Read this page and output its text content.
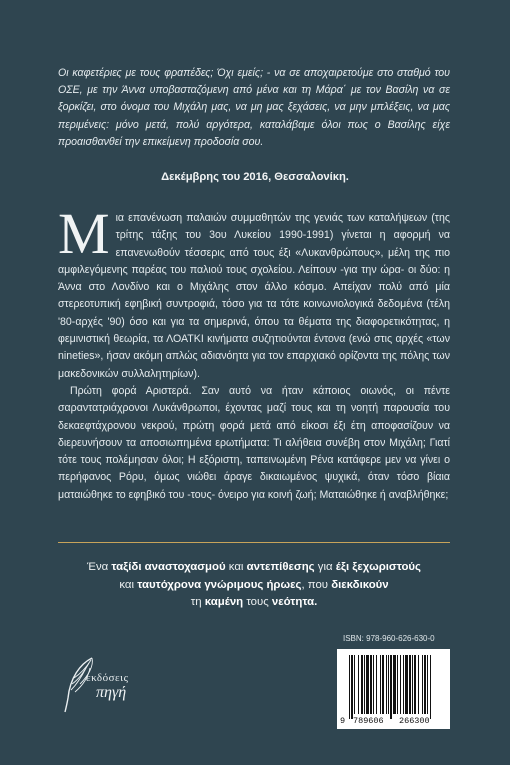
Οι καφετέριες με τους φραπέδες; Όχι εμείς; - να σε αποχαιρετούμε στο σταθμό του ΟΣΕ, με την Άννα υποβασταζόμενη από μένα και τη Μάρα΄ με τον Βασίλη να σε ξορκίζει, στο όνομα του Μιχάλη μας, να μη μας ξεχάσεις, να μην μπλέξεις, να μας περιμένεις: μόνο μετά, πολύ αργότερα, καταλάβαμε όλοι πως ο Βασίλης είχε προαισθανθεί την επικείμενη προδοσία σου.
Δεκέμβρης του 2016, Θεσσαλονίκη.

Μια επανένωση παλαιών συμμαθητών της γενιάς των καταλήψεων (της τρίτης τάξης του 3ου Λυκείου 1990-1991) γίνεται η αφορμή να επανενωθούν τέσσερις από τους έξι «Λυκανθρώπους», μέλη της πιο αμφιλεγόμενης παρέας του παλιού τους σχολείου. Λείπουν -για την ώρα- οι δύο: η Άννα στο Λονδίνο και ο Μιχάλης στον άλλο κόσμο. Απείχαν πολύ από μία στερεοτυπική εφηβική συντροφιά, τόσο για τα τότε κοινωνιολογικά δεδομένα (τέλη '80-αρχές '90) όσο και για τα σημερινά, όπου τα θέματα της διαφορετικότητας, η φεμινιστική θεωρία, τα ΛΟΑΤΚΙ κινήματα συζητιούνται έντονα (ενώ στις αρχές «των nineties», ήσαν ακόμη απλώς αδιανόητα για τον επαρχιακό ορίζοντα της πόλης των μακεδονικών συλλαλητηρίων).

Πρώτη φορά Αριστερά. Σαν αυτό να ήταν κάποιος οιωνός, οι πέντε σαραντατριάχρονοι Λυκάνθρωποι, έχοντας μαζί τους και τη νοητή παρουσία του δεκαεφτάχρονου νεκρού, πρώτη φορά μετά από είκοσι έξι έτη αποφασίζουν να διερευνήσουν τα αποσιωπημένα ερωτήματα: Τι αλήθεια συνέβη στον Μιχάλη; Γιατί τότε τους πολέμησαν όλοι; Η εξόριστη, ταπεινωμένη Ρένα κατάφερε μεν να γίνει ο περήφανος Ρόρυ, όμως νιώθει άραγε δικαιωμένος ψυχικά, όταν τόσο βίαια ματαιώθηκε το εφηβικό του -τους- όνειρο για κοινή ζωή; Ματαιώθηκε ή αναβλήθηκε;

Ένα ταξίδι αναστοχασμού και αντεπίθεσης για έξι ξεχωριστούς
και ταυτόχρονα γνώριμους ήρωες, που διεκδικούν
τη καμένη τους νεότητα.
εκδόσεις
πηγή
ISBN: 978-960-626-630-0
9 789606 266300
